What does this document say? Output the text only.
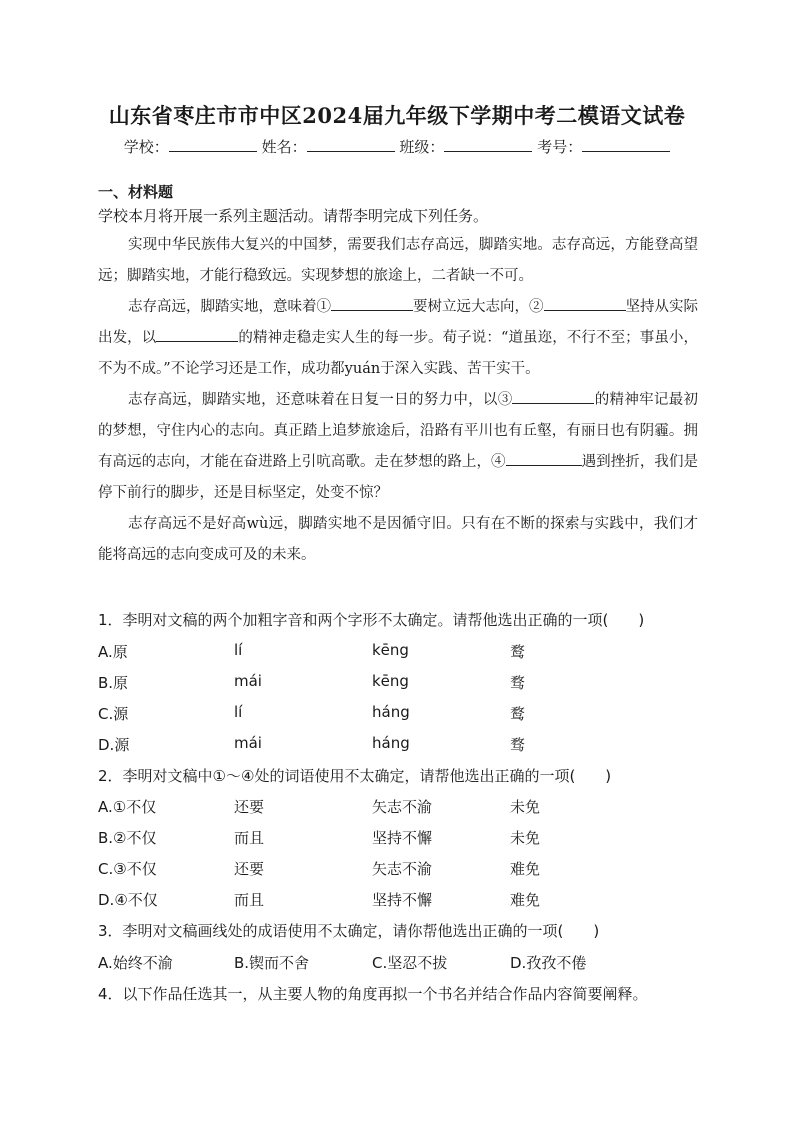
山东省枣庄市市中区2024届九年级下学期中考二模语文试卷
学校：	姓名：	班级：	考号：
一、材料题
学校本月将开展一系列主题活动。请帮李明完成下列任务。

实现中华民族伟大复兴的中国梦，需要我们志存高远，脚踏实地。志存高远，方能登高望远；脚踏实地，才能行稳致远。实现梦想的旅途上，二者缺一不可。

志存高远，脚踏实地，意味着①	要树立远大志向，②	坚持从实际出发，以	的精神走稳走实人生的每一步。荀子说：“道虽迩，不行不至；事虽小，不为不成。”不论学习还是工作，成功都yuán于深入实践、苦干实干。

志存高远，脚踏实地，还意味着在日复一日的努力中，以③	的精神牢记最初的梦想，守住内心的志向。真正踏上追梦旅途后，沿路有平川也有丘壑，有丽日也有阴霾。拥有高远的志向，才能在奋进路上引吭高歌。走在梦想的路上，④	遇到挫折，我们是停下前行的脚步，还是目标坚定，处变不惊？

志存高远不是好高wù远，脚踏实地不是因循守旧。只有在不断的探索与实践中，我们才能将高远的志向变成可及的未来。

1．李明对文稿的两个加粗字音和两个字形不太确定。请帮他选出正确的一项(　　)
A.原	lí	kēng	鹜
B.原	mái	kēng	骛
C.源	lí	háng	鹜
D.源	mái	háng	骛
2．李明对文稿中①～④处的词语使用不太确定，请帮他选出正确的一项(　　)
A.①不仅	还要	矢志不渝	未免
B.②不仅	而且	坚持不懈	未免
C.③不仅	还要	矢志不渝	难免
D.④不仅	而且	坚持不懈	难免
3．李明对文稿画线处的成语使用不太确定，请你帮他选出正确的一项(　　)
A.始终不渝	B.锲而不舍	C.坚忍不拔	D.孜孜不倦
4．以下作品任选其一，从主要人物的角度再拟一个书名并结合作品内容简要阐释。
